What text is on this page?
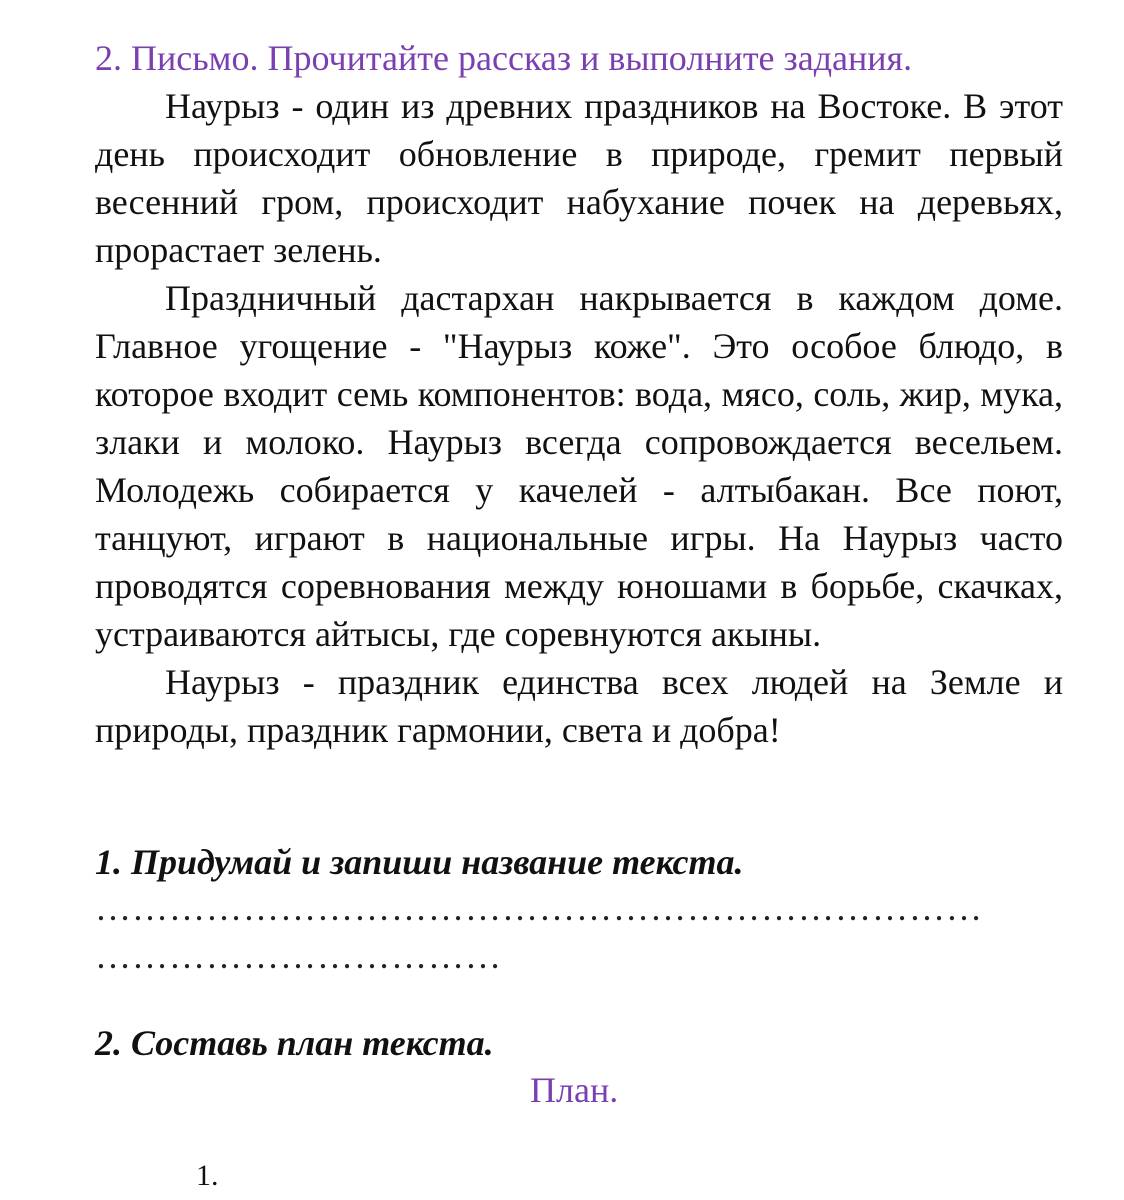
2. Письмо. Прочитайте рассказ и выполните задания.

Наурыз - один из древних праздников на Востоке. В этот день происходит обновление в природе, гремит первый весенний гром, происходит набухание почек на деревьях, прорастает зелень.

Праздничный дастархан накрывается в каждом доме. Главное угощение - "Наурыз коже". Это особое блюдо, в которое входит семь компонентов: вода, мясо, соль, жир, мука, злаки и молоко. Наурыз всегда сопровождается весельем. Молодежь собирается у качелей - алтыбакан. Все поют, танцуют, играют в национальные игры. На Наурыз часто проводятся соревнования между юношами в борьбе, скачках, устраиваются айтысы, где соревнуются акыны.

Наурыз - праздник единства всех людей на Земле и природы, праздник гармонии, света и добра!

1. Придумай и запиши название текста.
………………………………………………………………
……………………………
2. Составь план текста.
План.
1.
